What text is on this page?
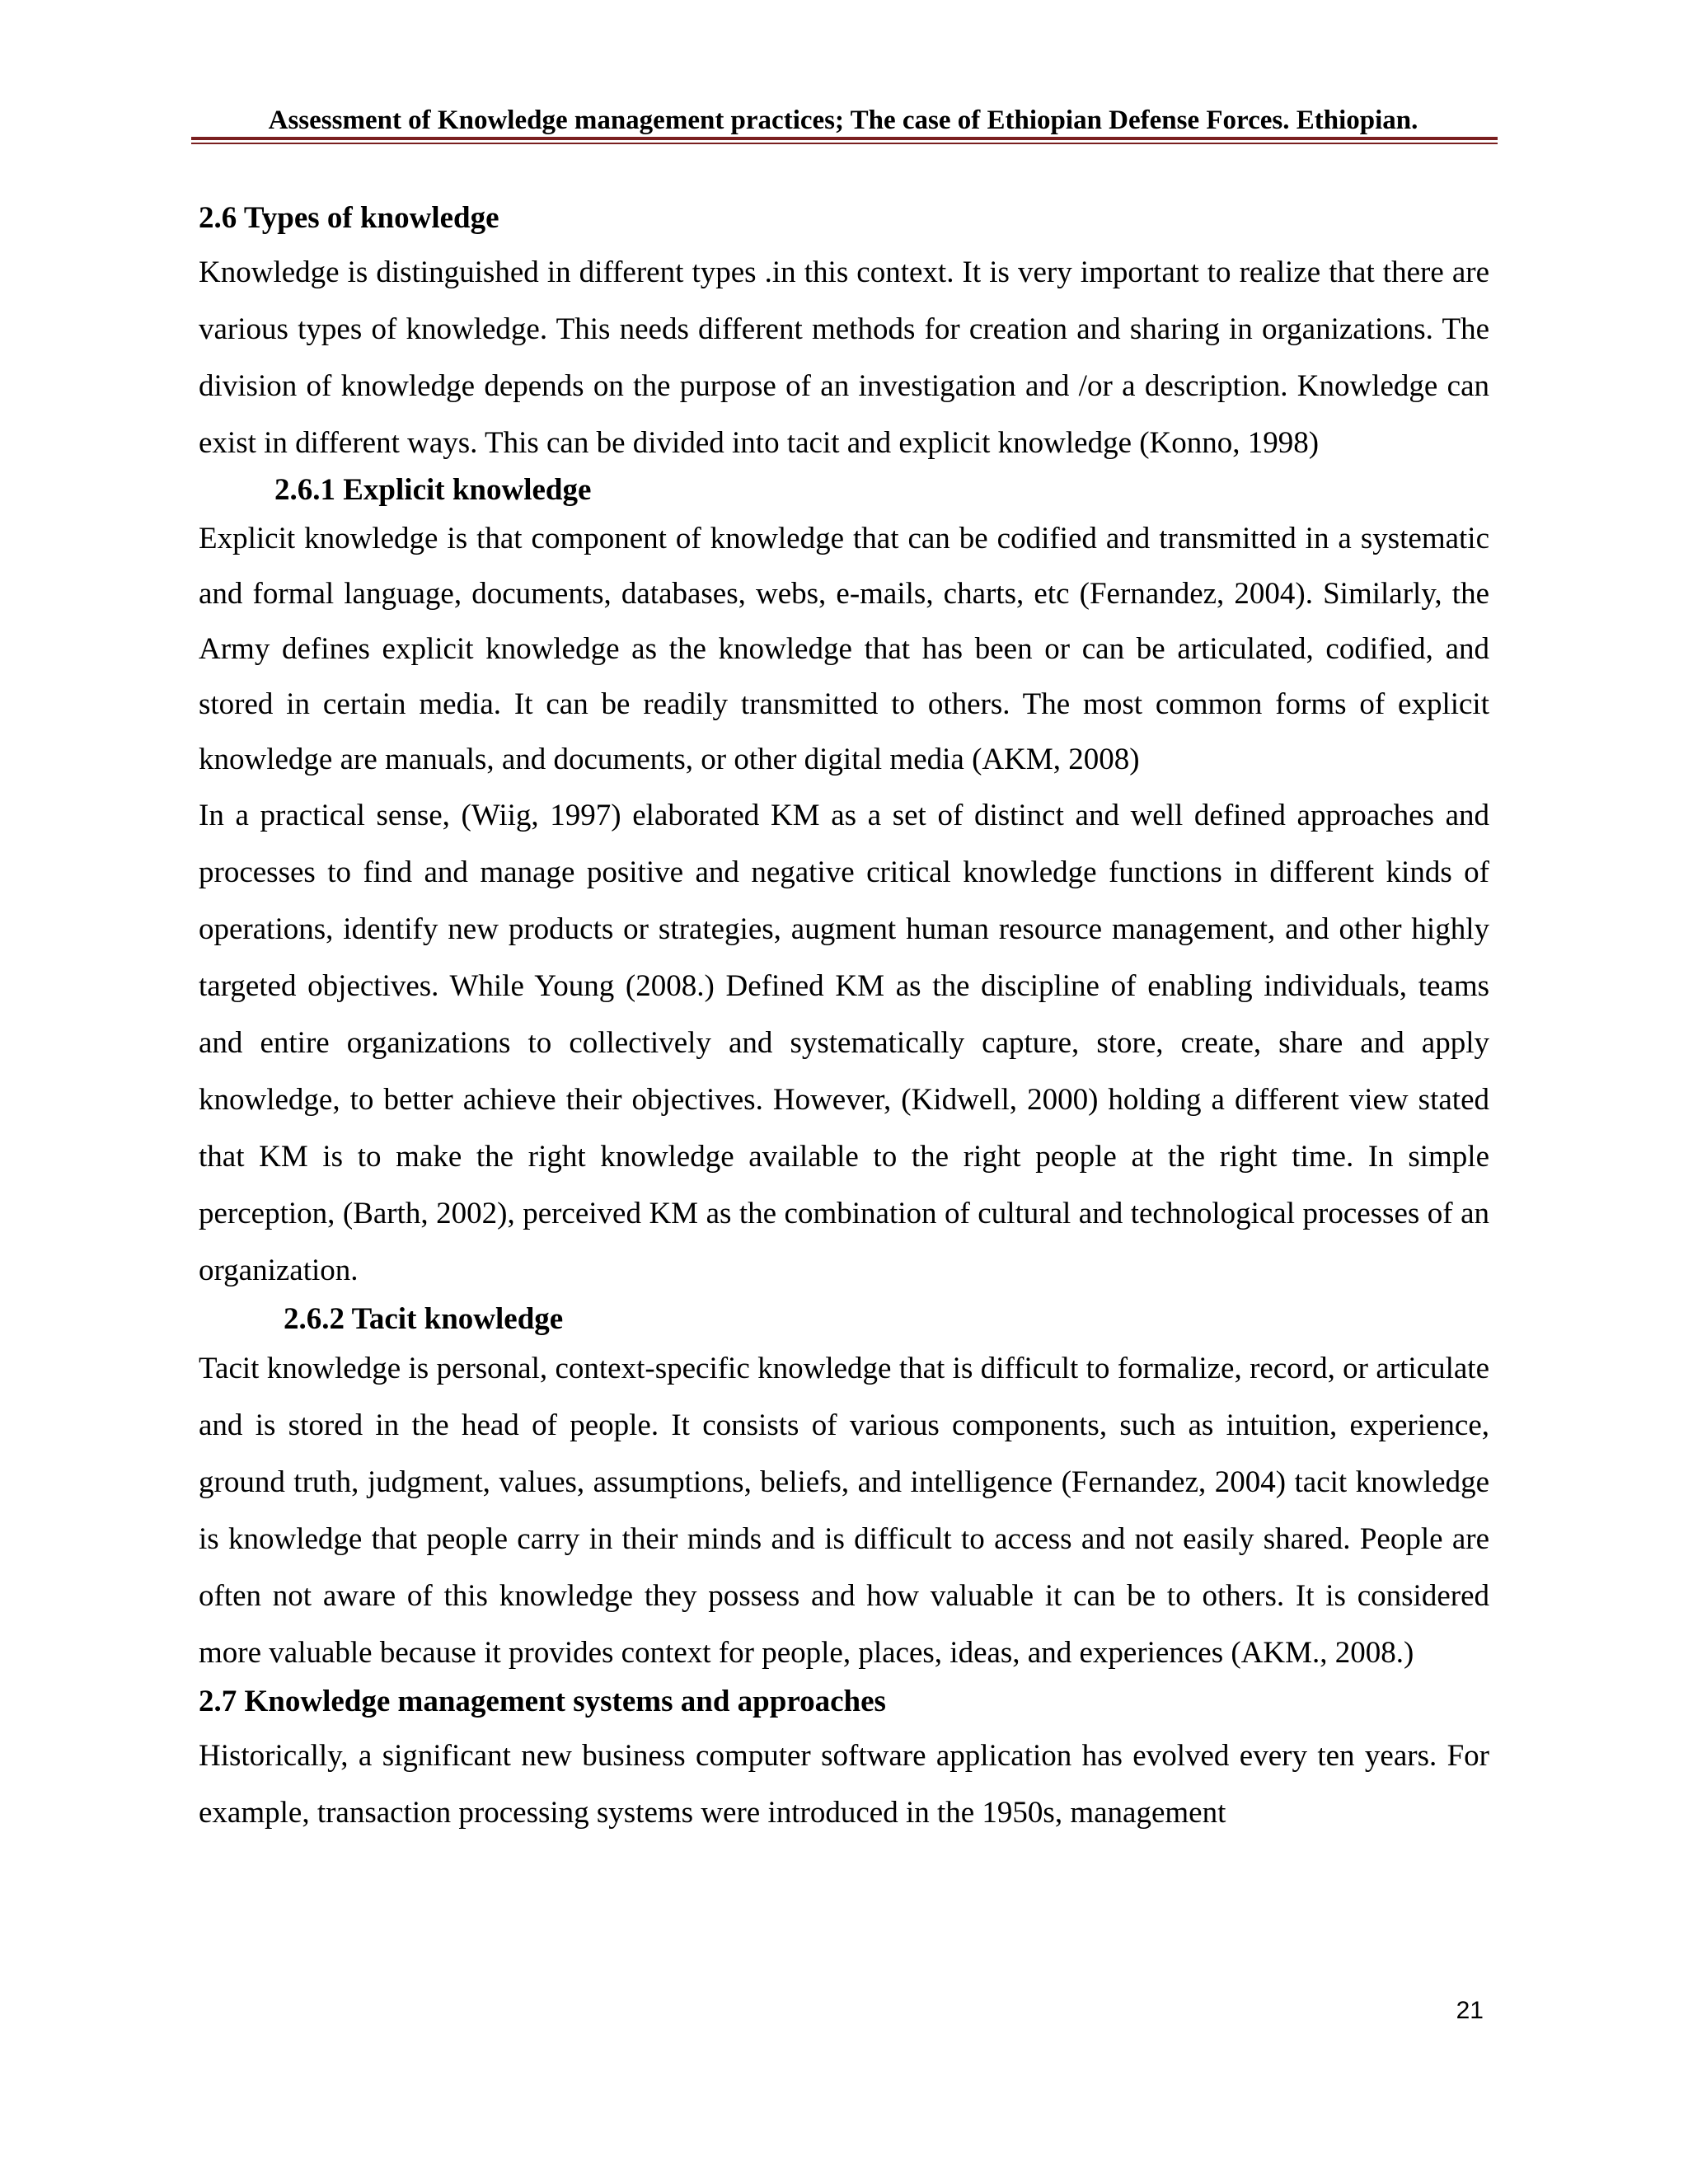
Assessment of Knowledge management practices; The case of Ethiopian Defense Forces. Ethiopian.
2.6 Types of knowledge

Knowledge is distinguished in different types .in this context. It is very important to realize that there are various types of knowledge. This needs different methods for creation and sharing in organizations. The division of knowledge depends on the purpose of an investigation and /or a description. Knowledge can exist in different ways. This can be divided into tacit and explicit knowledge (Konno, 1998)

2.6.1 Explicit knowledge

Explicit knowledge is that component of knowledge that can be codified and transmitted in a systematic and formal language, documents, databases, webs, e-mails, charts, etc (Fernandez, 2004). Similarly, the Army defines explicit knowledge as the knowledge that has been or can be articulated, codified, and stored in certain media. It can be readily transmitted to others. The most common forms of explicit knowledge are manuals, and documents, or other digital media (AKM, 2008)

In a practical sense, (Wiig, 1997) elaborated KM as a set of distinct and well defined approaches and processes to find and manage positive and negative critical knowledge functions in different kinds of operations, identify new products or strategies, augment human resource management, and other highly targeted objectives. While Young (2008.) Defined KM as the discipline of enabling individuals, teams and entire organizations to collectively and systematically capture, store, create, share and apply knowledge, to better achieve their objectives. However, (Kidwell, 2000) holding a different view stated that KM is to make the right knowledge available to the right people at the right time. In simple perception, (Barth, 2002), perceived KM as the combination of cultural and technological processes of an organization.

2.6.2 Tacit knowledge

Tacit knowledge is personal, context-specific knowledge that is difficult to formalize, record, or articulate and is stored in the head of people. It consists of various components, such as intuition, experience, ground truth, judgment, values, assumptions, beliefs, and intelligence (Fernandez, 2004) tacit knowledge is knowledge that people carry in their minds and is difficult to access and not easily shared. People are often not aware of this knowledge they possess and how valuable it can be to others. It is considered more valuable because it provides context for people, places, ideas, and experiences (AKM., 2008.)

2.7 Knowledge management systems and approaches

Historically, a significant new business computer software application has evolved every ten years. For example, transaction processing systems were introduced in the 1950s, management

21
